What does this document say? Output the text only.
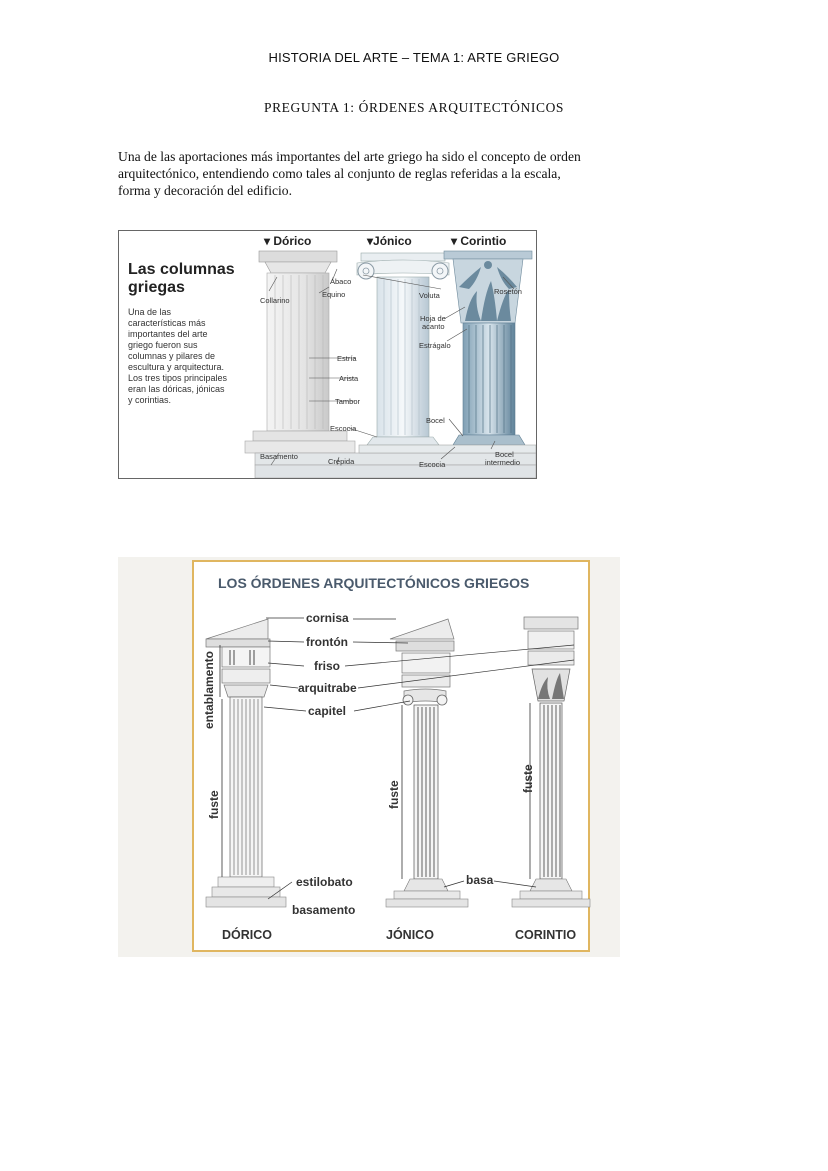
HISTORIA DEL ARTE – TEMA 1: ARTE GRIEGO
PREGUNTA 1: ÓRDENES ARQUITECTÓNICOS
Una de las aportaciones más importantes del arte griego ha sido el concepto de orden
arquitectónico, entendiendo como tales al conjunto de reglas referidas a la escala,
forma y decoración del edificio.
Las columnas
griegas
Una de las
características más
importantes del arte
griego fueron sus
columnas y pilares de
escultura y arquitectura.
Los tres tipos principales
eran las dóricas, jónicas
y corintias.
▾ Dórico	▾Jónico	▾ Corintio
Ábaco
Equino
Collarino
Estría
Arista
Tambor
Escocia
Basamento
Crépida
Voluta	Rosetón
Hoja de
acanto
Estrágalo
Bocel
Escocia
Bocel
intermedio
LOS ÓRDENES ARQUITECTÓNICOS GRIEGOS
cornisa
frontón
friso
arquitrabe
capitel
estilobato
basamento
basa
entablamento
fuste	fuste
fuste
DÓRICO	JÓNICO	CORINTIO
